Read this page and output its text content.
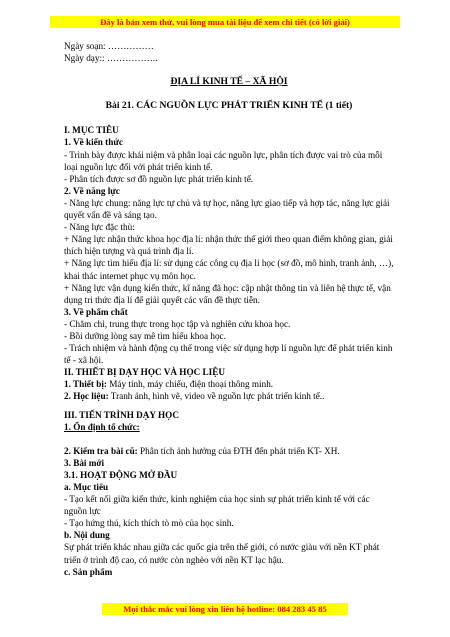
Đây là bản xem thử, vui lòng mua tài liệu để xem chi tiết (có lời giải)
Ngày soạn: ……………
Ngày dạy:: ……………..
ĐỊA LÍ KINH TẾ – XÃ HỘI
Bài 21. CÁC NGUỒN LỰC PHÁT TRIỂN KINH TẾ (1 tiết)
I. MỤC TIÊU
1. Về kiến thức
- Trình bày được khái niệm và phân loại các nguồn lực, phân tích được vai trò của mỗi loại nguồn lực đối với phát triển kinh tế.
- Phân tích được sơ đồ nguồn lực phát triển kinh tế.
2. Về năng lực
- Năng lực chung: năng lực tự chủ và tự học, năng lực giao tiếp và hợp tác, năng lực giải quyết vấn đề và sáng tạo.
- Năng lực đặc thù:
+ Năng lực nhận thức khoa học địa lí: nhận thức thế giới theo quan điểm không gian, giải thích hiện tượng và quá trình địa lí.
+ Năng lực tìm hiểu địa lí: sử dụng các công cụ địa lí học (sơ đồ, mô hình, tranh ảnh, …), khai thác internet phục vụ môn học.
+ Năng lực vận dụng kiến thức, kĩ năng đã học: cập nhật thông tin và liên hệ thực tế, vận dụng tri thức địa lí để giải quyết các vấn đề thực tiễn.
3. Về phẩm chất
- Chăm chỉ, trung thực trong học tập và nghiên cứu khoa học.
- Bồi dưỡng lòng say mê tìm hiểu khoa học.
- Trách nhiệm và hành động cụ thể trong việc sử dụng hợp lí nguồn lực để phát triển kinh tế - xã hội.
II. THIẾT BỊ DẠY HỌC VÀ HỌC LIỆU
1. Thiết bị: Máy tính, máy chiếu, điện thoại thông minh.
2. Học liệu: Tranh ảnh, hình vẽ, video về nguồn lực phát triển kinh tế..
III. TIẾN TRÌNH DẠY HỌC
1. Ổn định tổ chức:
2. Kiểm tra bài cũ: Phân tích ảnh hưởng của ĐTH đến phát triển KT- XH.
3. Bài mới
3.1. HOẠT ĐỘNG MỞ ĐẦU
a. Mục tiêu
- Tạo kết nối giữa kiến thức, kinh nghiệm của học sinh sự phát triển kinh tế với các nguồn lực
- Tạo hứng thú, kích thích tò mò của học sinh.
b. Nội dung
Sự phát triển khác nhau giữa các quốc gia trên thế giới, có nước giàu với nền KT phát triển ở trình độ cao, có nước còn nghèo với nền KT lạc hậu.
c. Sản phẩm
Mọi thắc mắc vui lòng xin liên hệ hotline: 084 283 45 85
